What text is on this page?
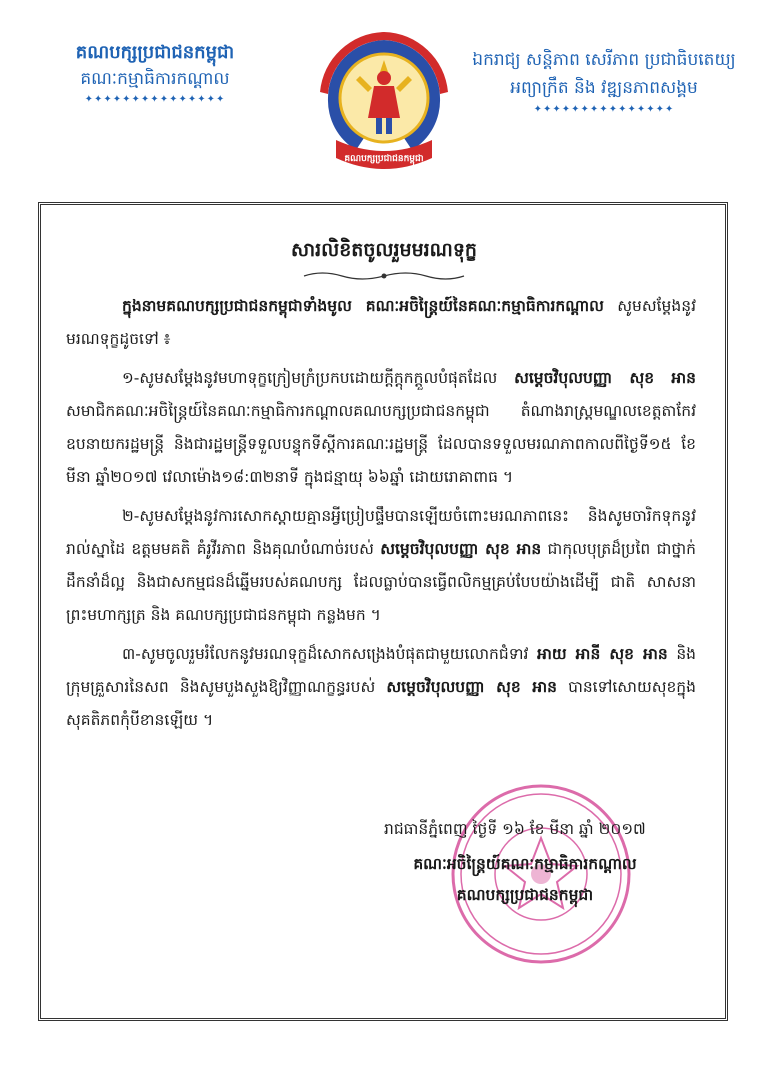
គណបក្សប្រជាជនកម្ពុជា
គណៈកម្មាធិការកណ្តាល
✦✦✦✦✦✦✦✦✦✦✦✦✦✦✦
គណបក្សប្រជាជនកម្ពុជា
ឯករាជ្យ សន្តិភាព សេរីភាព ប្រជាធិបតេយ្យ
អព្យាក្រឹត និង វឌ្ឍនភាពសង្គម
✦✦✦✦✦✦✦✦✦✦✦✦✦✦✦
សារលិខិតចូលរួមមរណទុក្ខ

ក្នុងនាមគណបក្សប្រជាជនកម្ពុជាទាំងមូល គណៈអចិន្ត្រៃយ៍នៃគណៈកម្មាធិការកណ្តាល សូមសម្តែងនូវមរណទុក្ខដូចទៅ ៖

១-សូមសម្តែងនូវមហាទុក្ខក្រៀមក្រំប្រកបដោយក្តីក្តុកក្តួលបំផុតដែល សម្តេចវិបុលបញ្ញា សុខ អាន សមាជិកគណៈអចិន្ត្រៃយ៍នៃគណៈកម្មាធិការកណ្តាលគណបក្សប្រជាជនកម្ពុជា តំណាងរាស្ត្រមណ្ឌលខេត្តតាកែវ ឧបនាយករដ្ឋមន្ត្រី និងជារដ្ឋមន្ត្រីទទួលបន្ទុកទីស្តីការគណៈរដ្ឋមន្ត្រី ដែលបានទទួលមរណភាពកាលពីថ្ងៃទី១៥ ខែមីនា ឆ្នាំ២០១៧ វេលាម៉ោង១៨:៣២នាទី ក្នុងជន្មាយុ ៦៦ឆ្នាំ ដោយរោគាពាធ ។

២-សូមសម្តែងនូវការសោកស្តាយគ្មានអ្វីប្រៀបផ្ទឹមបានឡើយចំពោះមរណភាពនេះ និងសូមចារិកទុកនូវរាល់ស្នាដៃ ឧត្តមមគតិ គំរូវីរភាព និងគុណបំណាច់របស់ សម្តេចវិបុលបញ្ញា សុខ អាន ជាកុលបុត្រដ៏ប្រពៃ ជាថ្នាក់ដឹកនាំដ៏ល្អ និងជាសកម្មជនដ៏ឆ្នើមរបស់គណបក្ស ដែលធ្លាប់បានធ្វើពលិកម្មគ្រប់បែបយ៉ាងដើម្បី ជាតិ សាសនា ព្រះមហាក្សត្រ និង គណបក្សប្រជាជនកម្ពុជា កន្លងមក ។

៣-សូមចូលរួមរំលែកនូវមរណទុក្ខដ៏សោកសង្រេងបំផុតជាមួយលោកជំទាវ អាយ អានី សុខ អាន និងក្រុមគ្រួសារនៃសព និងសូមបួងសួងឱ្យវិញ្ញាណក្ខន្ធរបស់ សម្តេចវិបុលបញ្ញា សុខ អាន បានទៅសោយសុខក្នុងសុគតិភពកុំបីខានឡើយ ។

រាជធានីភ្នំពេញ ថ្ងៃទី ១៦ ខែ មីនា ឆ្នាំ ២០១៧
គណៈអចិន្ត្រៃយ៍គណៈកម្មាធិការកណ្តាល
គណបក្សប្រជាជនកម្ពុជា
